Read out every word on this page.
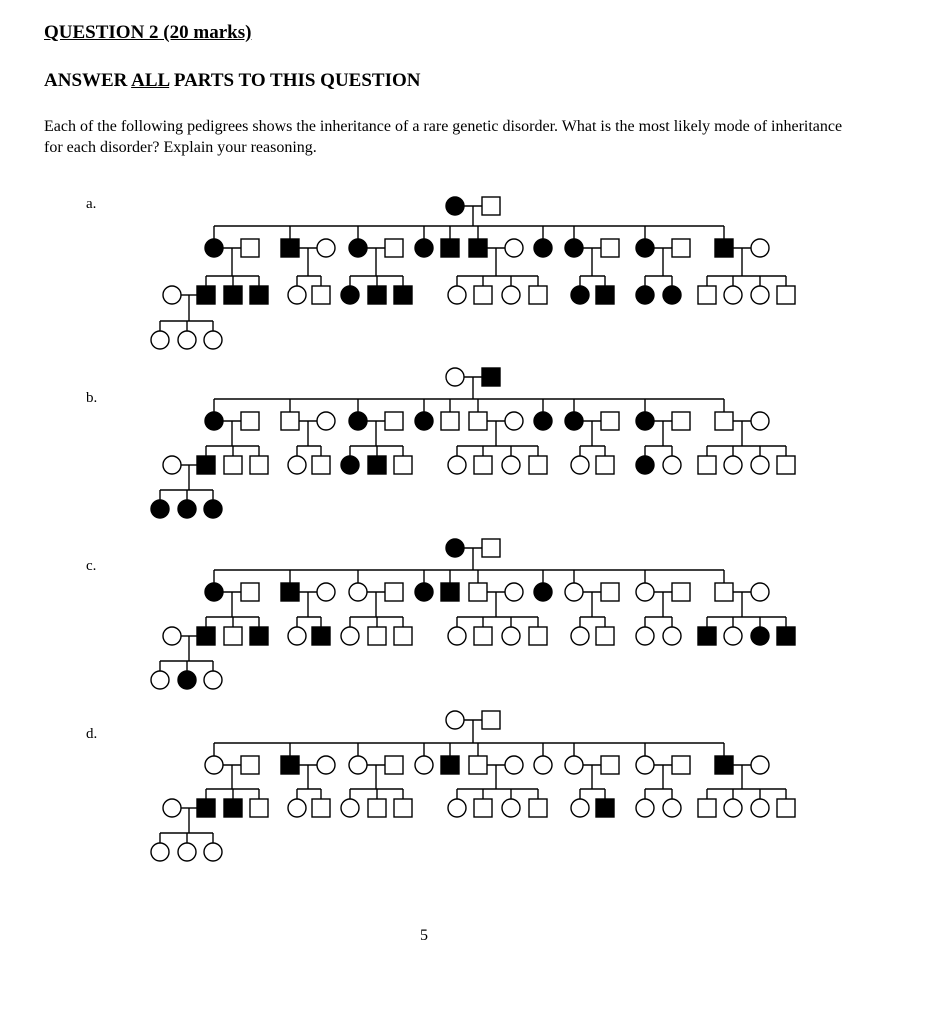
QUESTION 2 (20 marks)
ANSWER ALL PARTS TO THIS QUESTION
Each of the following pedigrees shows the inheritance of a rare genetic disorder. What is the most likely mode of inheritance for each disorder? Explain your reasoning.
a.
b.
c.
d.
5
